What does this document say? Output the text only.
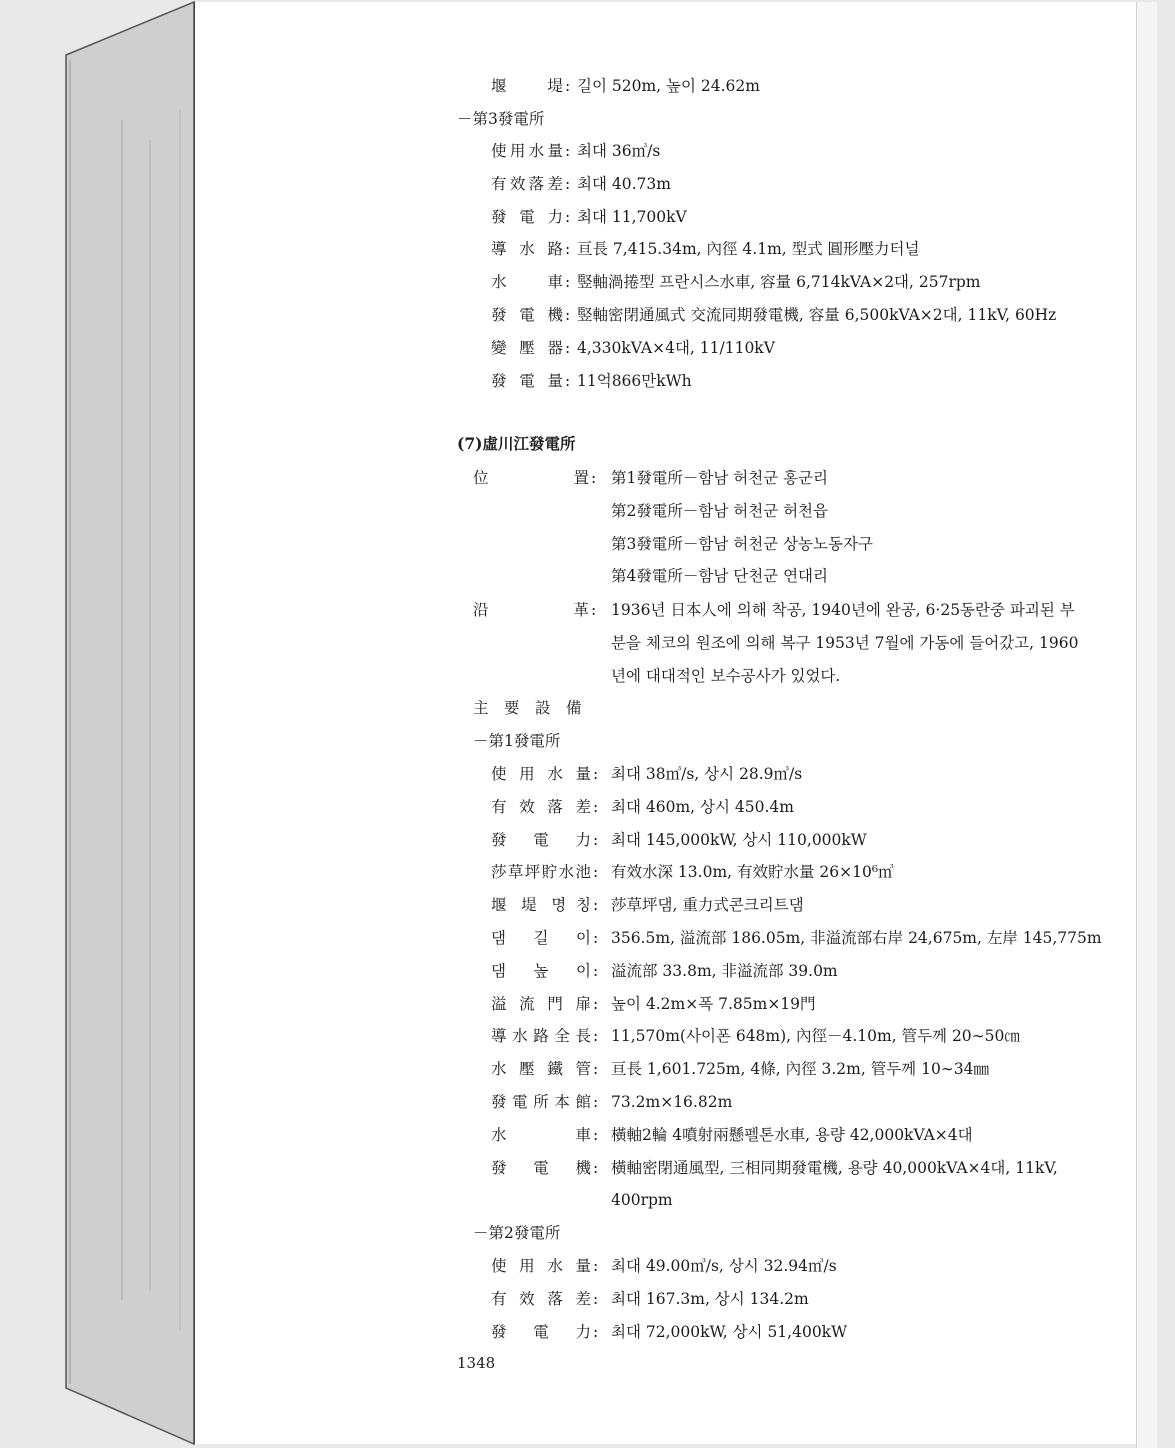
堰　　堤 : 길이 520m, 높이 24.62m
－第3發電所
使用水量 : 최대 36㎥/s
有效落差 : 최대 40.73m
發 電 力 : 최대 11,700kV
導 水 路 : 亘長 7,415.34m, 內徑 4.1m, 型式 圓形壓力터널
水　　車 : 竪軸渦捲型 프란시스水車, 容量 6,714kVA×2대, 257rpm
發 電 機 : 竪軸密閉通風式 交流同期發電機, 容量 6,500kVA×2대, 11kV, 60Hz
變 壓 器 : 4,330kVA×4대, 11/110kV
發 電 量 : 11억866만kWh
(7)虛川江發電所
位　　　　　置 : 第1發電所－함남 허천군 홍군리
第2發電所－함남 허천군 허천읍
第3發電所－함남 허천군 상농노동자구
第4發電所－함남 단천군 연대리
沿　　　　　革 : 1936년 日本人에 의해 착공, 1940년에 완공, 6·25동란중 파괴된 부
분을 체코의 원조에 의해 복구 1953년 7월에 가동에 들어갔고, 1960
년에 대대적인 보수공사가 있었다.
主　要　設　備
－第1發電所
使 用 水 量 : 최대 38㎥/s, 상시 28.9㎥/s
有 效 落 差 : 최대 460m, 상시 450.4m
發　電　力 : 최대 145,000kW, 상시 110,000kW
莎草坪貯水池 : 有效水深 13.0m, 有效貯水量 26×10⁶㎥
堰 堤 명 칭 : 莎草坪댐, 重力式콘크리트댐
댐　길　이 : 356.5m, 溢流部 186.05m, 非溢流部右岸 24,675m, 左岸 145,775m
댐　높　이 : 溢流部 33.8m, 非溢流部 39.0m
溢 流 門 扉 : 높이 4.2m×폭 7.85m×19門
導水路全長 : 11,570m(사이폰 648m), 內徑－4.10m, 管두께 20∼50㎝
水 壓 鐵 管 : 亘長 1,601.725m, 4條, 內徑 3.2m, 管두께 10∼34㎜
發電所本館 : 73.2m×16.82m
水　　　車 : 橫軸2輪 4噴射兩懸펠톤水車, 용량 42,000kVA×4대
發　電　機 : 橫軸密閉通風型, 三相同期發電機, 용량 40,000kVA×4대, 11kV,
400rpm
－第2發電所
使 用 水 量 : 최대 49.00㎥/s, 상시 32.94㎥/s
有 效 落 差 : 최대 167.3m, 상시 134.2m
發　電　力 : 최대 72,000kW, 상시 51,400kW
1348
